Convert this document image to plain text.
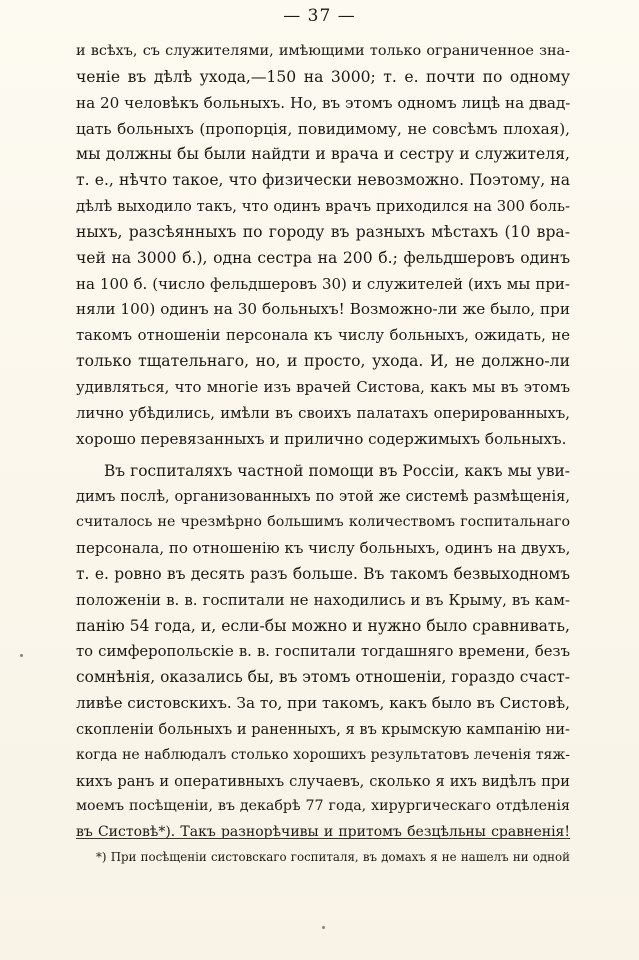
— 37 —
и всѣхъ, съ служителями, имѣющими только ограниченное зна-
ченіе въ дѣлѣ ухода,—150 на 3000; т. е. почти по одному
на 20 человѣкъ больныхъ. Но, въ этомъ одномъ лицѣ на двад-
цать больныхъ (пропорція, повидимому, не совсѣмъ плохая),
мы должны бы были найдти и врача и сестру и служителя,
т. е., нѣчто такое, что физически невозможно. Поэтому, на
дѣлѣ выходило такъ, что одинъ врачъ приходился на 300 боль-
ныхъ, разсѣянныхъ по городу въ разныхъ мѣстахъ (10 вра-
чей на 3000 б.), одна сестра на 200 б.; фельдшеровъ одинъ
на 100 б. (число фельдшеровъ 30) и служителей (ихъ мы при-
няли 100) одинъ на 30 больныхъ! Возможно-ли же было, при
такомъ отношеніи персонала къ числу больныхъ, ожидать, не
только тщательнаго, но, и просто, ухода. И, не должно-ли
удивляться, что многіе изъ врачей Систова, какъ мы въ этомъ
лично убѣдились, имѣли въ своихъ палатахъ оперированныхъ,
хорошо перевязанныхъ и прилично содержимыхъ больныхъ.
Въ госпиталяхъ частной помощи въ Россіи, какъ мы уви-
димъ послѣ, организованныхъ по этой же системѣ размѣщенія,
считалось не чрезмѣрно большимъ количествомъ госпитальнаго
персонала, по отношенію къ числу больныхъ, одинъ на двухъ,
т. е. ровно въ десять разъ больше. Въ такомъ безвыходномъ
положеніи в. в. госпитали не находились и въ Крыму, въ кам-
панію 54 года, и, если-бы можно и нужно было сравнивать,
то симферопольскіе в. в. госпитали тогдашняго времени, безъ
сомнѣнія, оказались бы, въ этомъ отношеніи, гораздо счаст-
ливѣе систовскихъ. За то, при такомъ, какъ было въ Систовѣ,
скопленіи больныхъ и раненныхъ, я въ крымскую кампанію ни-
когда не наблюдалъ столько хорошихъ результатовъ леченія тяж-
кихъ ранъ и оперативныхъ случаевъ, сколько я ихъ видѣлъ при
моемъ посѣщеніи, въ декабрѣ 77 года, хирургическаго отдѣленія
въ Систовѣ*). Такъ разнорѣчивы и притомъ безцѣльны сравненія!
*) При посѣщеніи систовскаго госпиталя, въ домахъ я не нашелъ ни одной
